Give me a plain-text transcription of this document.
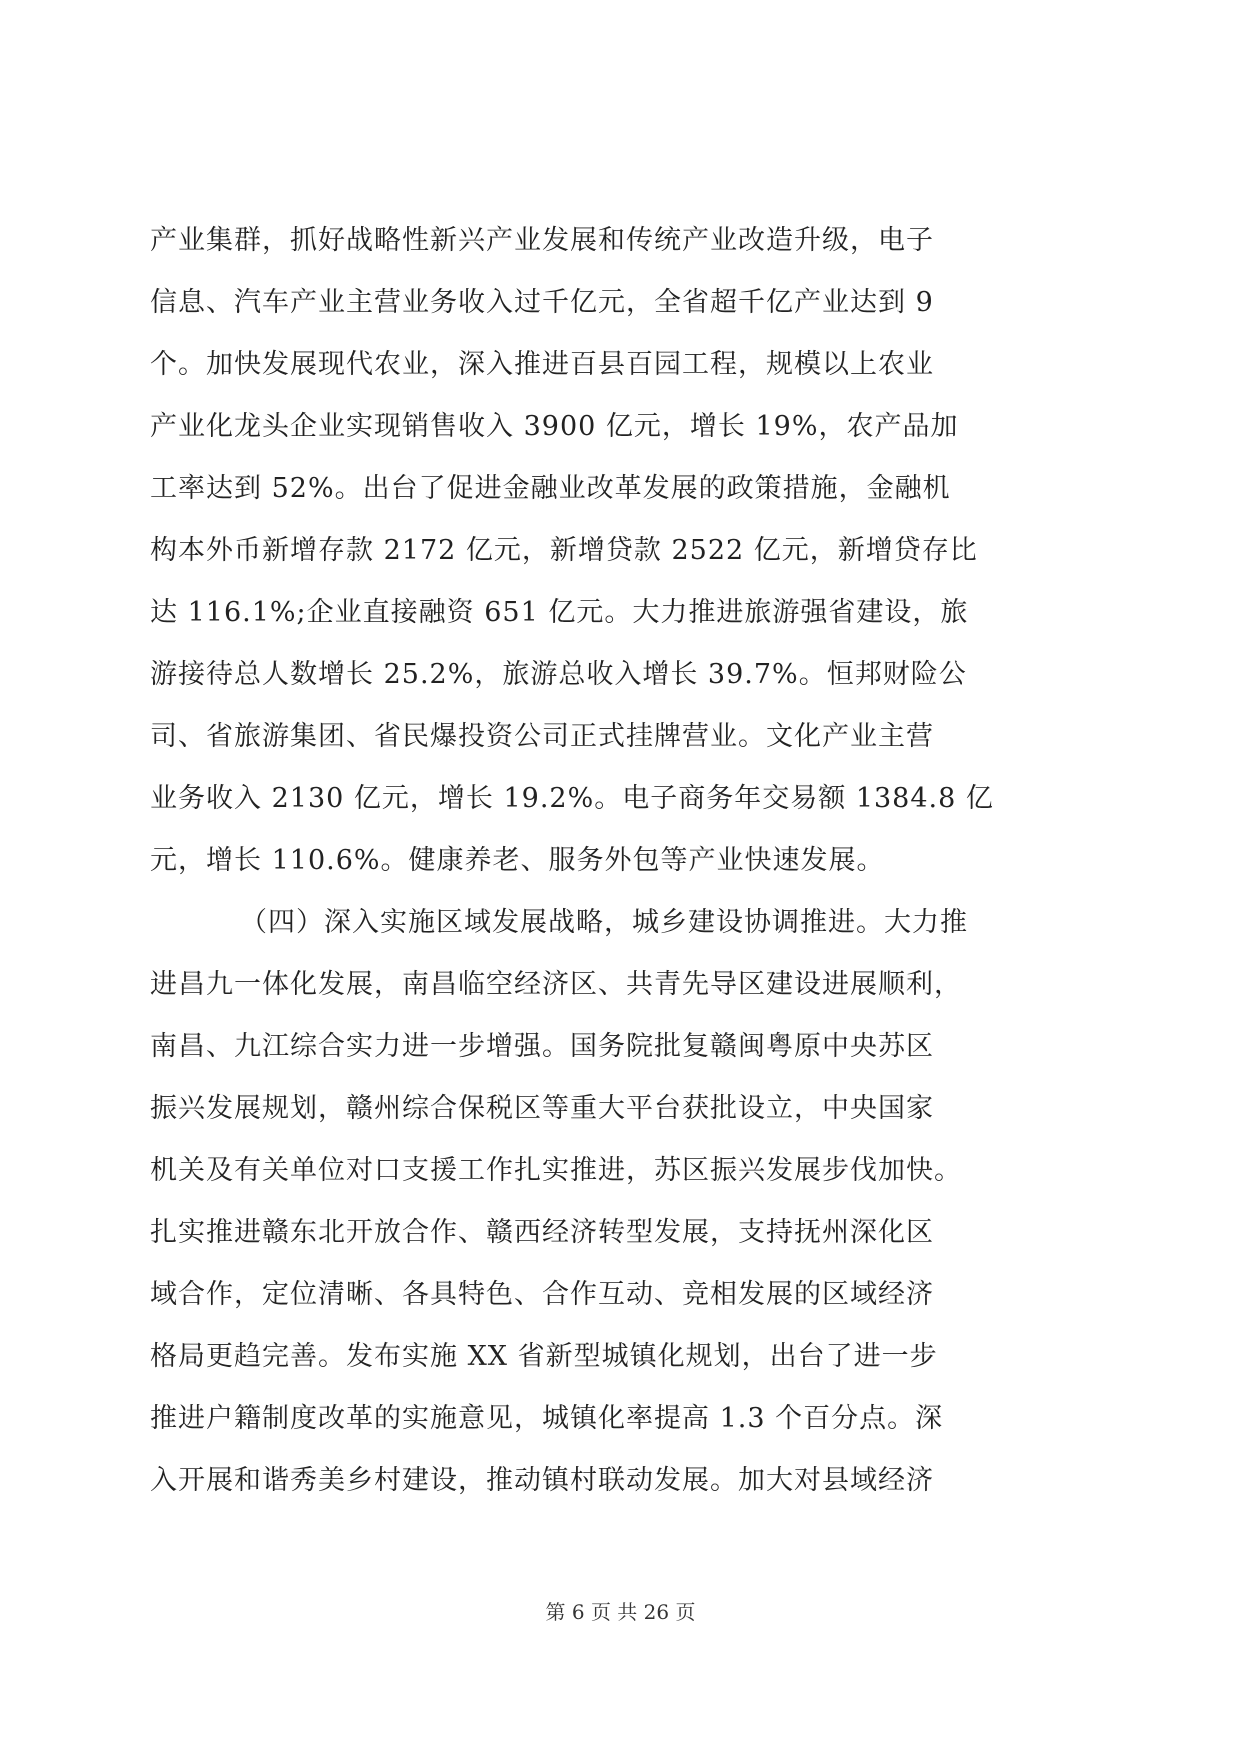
产业集群，抓好战略性新兴产业发展和传统产业改造升级，电子
信息、汽车产业主营业务收入过千亿元，全省超千亿产业达到 9
个。加快发展现代农业，深入推进百县百园工程，规模以上农业
产业化龙头企业实现销售收入 3900 亿元，增长 19%，农产品加
工率达到 52%。出台了促进金融业改革发展的政策措施，金融机
构本外币新增存款 2172 亿元，新增贷款 2522 亿元，新增贷存比
达 116.1%;企业直接融资 651 亿元。大力推进旅游强省建设，旅
游接待总人数增长 25.2%，旅游总收入增长 39.7%。恒邦财险公
司、省旅游集团、省民爆投资公司正式挂牌营业。文化产业主营
业务收入 2130 亿元，增长 19.2%。电子商务年交易额 1384.8 亿
元，增长 110.6%。健康养老、服务外包等产业快速发展。
（四）深入实施区域发展战略，城乡建设协调推进。大力推
进昌九一体化发展，南昌临空经济区、共青先导区建设进展顺利，
南昌、九江综合实力进一步增强。国务院批复赣闽粤原中央苏区
振兴发展规划，赣州综合保税区等重大平台获批设立，中央国家
机关及有关单位对口支援工作扎实推进，苏区振兴发展步伐加快。
扎实推进赣东北开放合作、赣西经济转型发展，支持抚州深化区
域合作，定位清晰、各具特色、合作互动、竞相发展的区域经济
格局更趋完善。发布实施 XX 省新型城镇化规划，出台了进一步
推进户籍制度改革的实施意见，城镇化率提高 1.3 个百分点。深
入开展和谐秀美乡村建设，推动镇村联动发展。加大对县域经济
第 6 页 共 26 页
